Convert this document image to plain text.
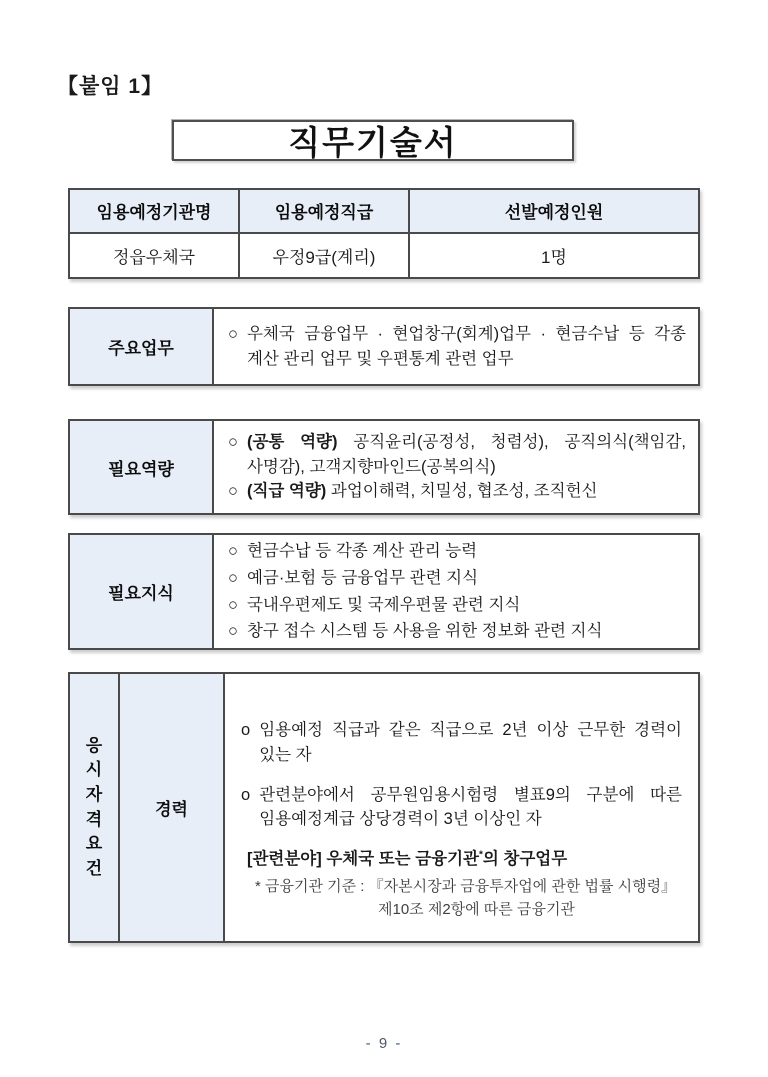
【붙임 1】
직무기술서
임용예정기관명	임용예정직급	선발예정인원
정읍우체국	우정9급(계리)	1명
주요업무
○ 우체국 금융업무 · 현업창구(회계)업무 · 현금수납 등 각종 계산 관리 업무 및 우편통계 관련 업무
필요역량
○ (공통 역량) 공직윤리(공정성, 청렴성), 공직의식(책임감, 사명감), 고객지향마인드(공복의식)
○ (직급 역량) 과업이해력, 치밀성, 협조성, 조직헌신
필요지식
○ 현금수납 등 각종 계산 관리 능력
○ 예금·보험 등 금융업무 관련 지식
○ 국내우편제도 및 국제우편물 관련 지식
○ 창구 접수 시스템 등 사용을 위한 정보화 관련 지식
응시자격요건
경력
o 임용예정 직급과 같은 직급으로 2년 이상 근무한 경력이 있는 자
o 관련분야에서 공무원임용시험령 별표9의 구분에 따른 임용예정계급 상당경력이 3년 이상인 자
[관련분야] 우체국 또는 금융기관*의 창구업무
* 금융기관 기준 : 『자본시장과 금융투자업에 관한 법률 시행령』
제10조 제2항에 따른 금융기관
- 9 -
